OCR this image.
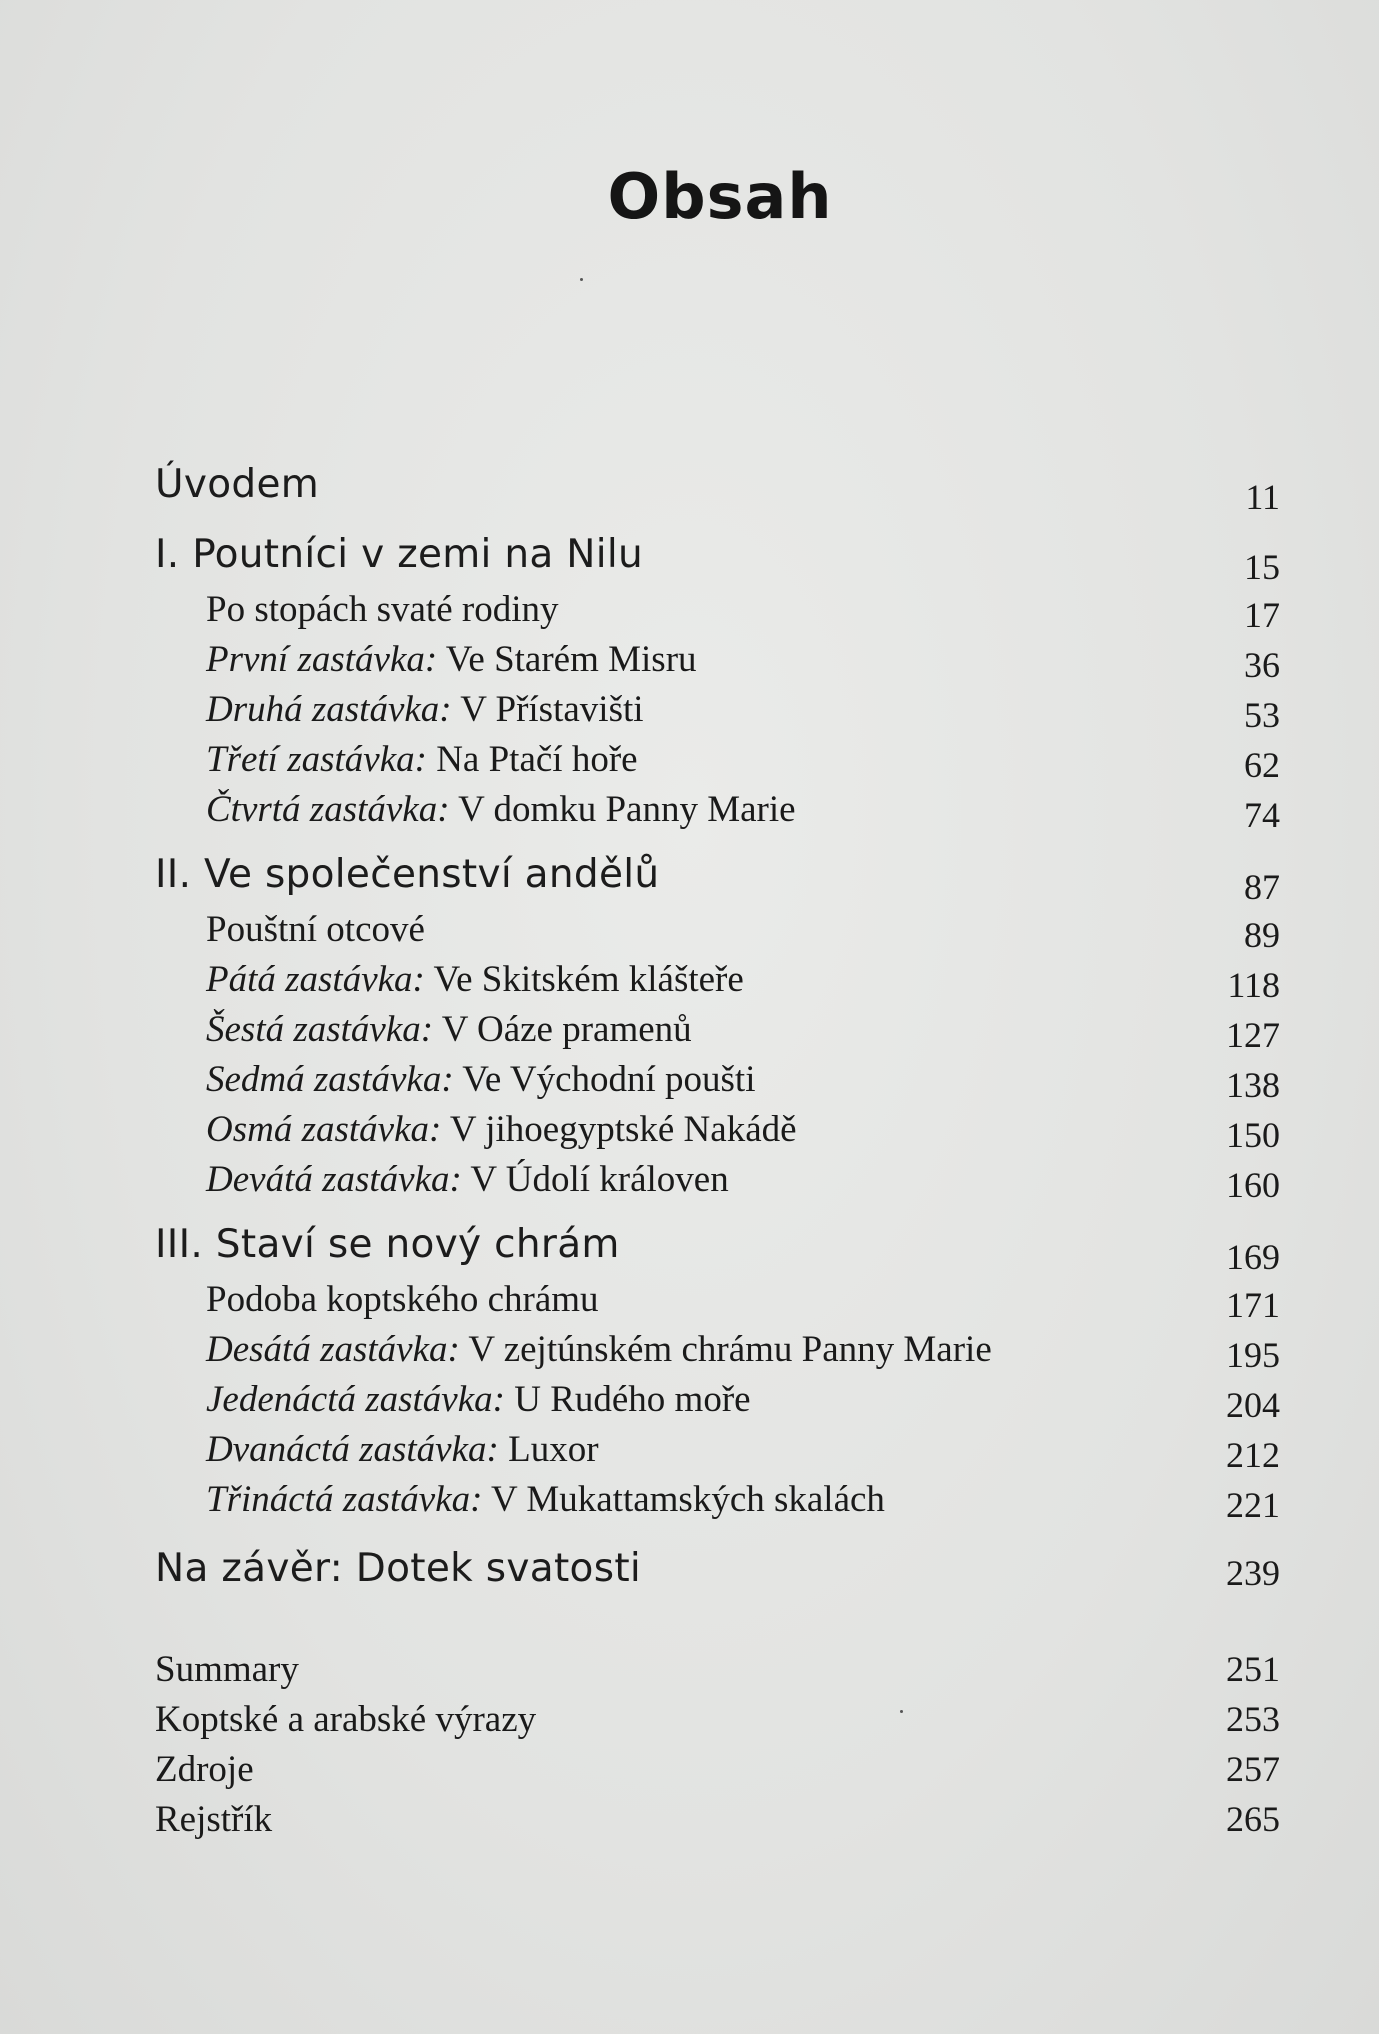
Obsah
Úvodem	11
I. Poutníci v zemi na Nilu	15
Po stopách svaté rodiny	17
První zastávka: Ve Starém Misru	36
Druhá zastávka: V Přístavišti	53
Třetí zastávka: Na Ptačí hoře	62
Čtvrtá zastávka: V domku Panny Marie	74
II. Ve společenství andělů	87
Pouštní otcové	89
Pátá zastávka: Ve Skitském klášteře	118
Šestá zastávka: V Oáze pramenů	127
Sedmá zastávka: Ve Východní poušti	138
Osmá zastávka: V jihoegyptské Nakádě	150
Devátá zastávka: V Údolí královen	160
III. Staví se nový chrám	169
Podoba koptského chrámu	171
Desátá zastávka: V zejtúnském chrámu Panny Marie	195
Jedenáctá zastávka: U Rudého moře	204
Dvanáctá zastávka: Luxor	212
Třináctá zastávka: V Mukattamských skalách	221
Na závěr: Dotek svatosti	239
Summary	251
Koptské a arabské výrazy	253
Zdroje	257
Rejstřík	265
